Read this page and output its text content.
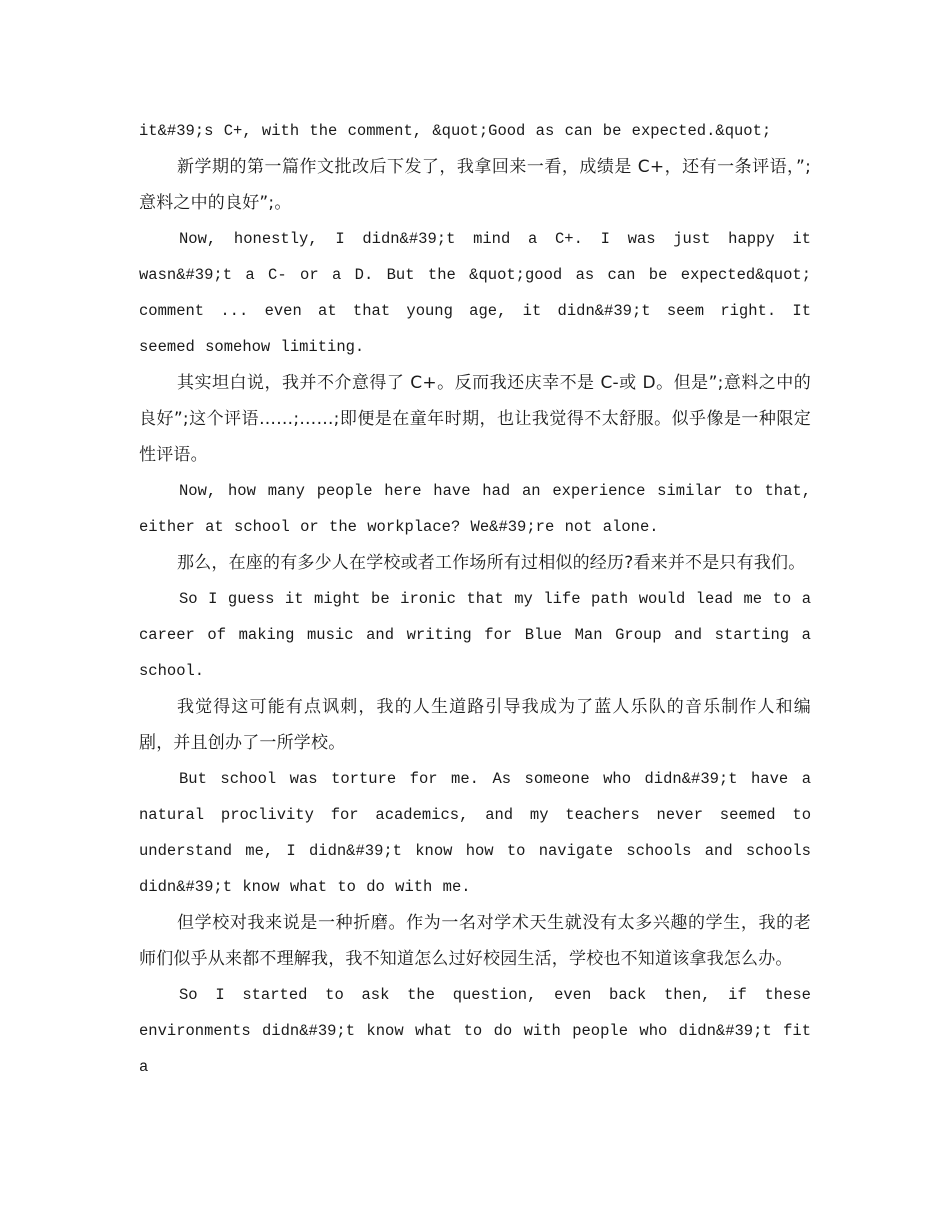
it&#39;s C+, with the comment, &quot;Good as can be expected.&quot;

新学期的第一篇作文批改后下发了，我拿回来一看，成绩是 C+，还有一条评语，”;意料之中的良好”;。

Now, honestly, I didn&#39;t mind a C+. I was just happy it wasn&#39;t a C- or a D. But the &quot;good as can be expected&quot; comment ... even at that young age, it didn&#39;t seem right. It seemed somehow limiting.

其实坦白说，我并不介意得了 C+。反而我还庆幸不是 C-或 D。但是”;意料之中的良好”;这个评语……;……;即便是在童年时期，也让我觉得不太舒服。似乎像是一种限定性评语。

Now, how many people here have had an experience similar to that, either at school or the workplace? We&#39;re not alone.

那么，在座的有多少人在学校或者工作场所有过相似的经历?看来并不是只有我们。

So I guess it might be ironic that my life path would lead me to a career of making music and writing for Blue Man Group and starting a school.

我觉得这可能有点讽刺，我的人生道路引导我成为了蓝人乐队的音乐制作人和编剧，并且创办了一所学校。

But school was torture for me. As someone who didn&#39;t have a natural proclivity for academics, and my teachers never seemed to understand me, I didn&#39;t know how to navigate schools and schools didn&#39;t know what to do with me.

但学校对我来说是一种折磨。作为一名对学术天生就没有太多兴趣的学生，我的老师们似乎从来都不理解我，我不知道怎么过好校园生活，学校也不知道该拿我怎么办。

So I started to ask the question, even back then, if these environments didn&#39;t know what to do with people who didn&#39;t fit a
